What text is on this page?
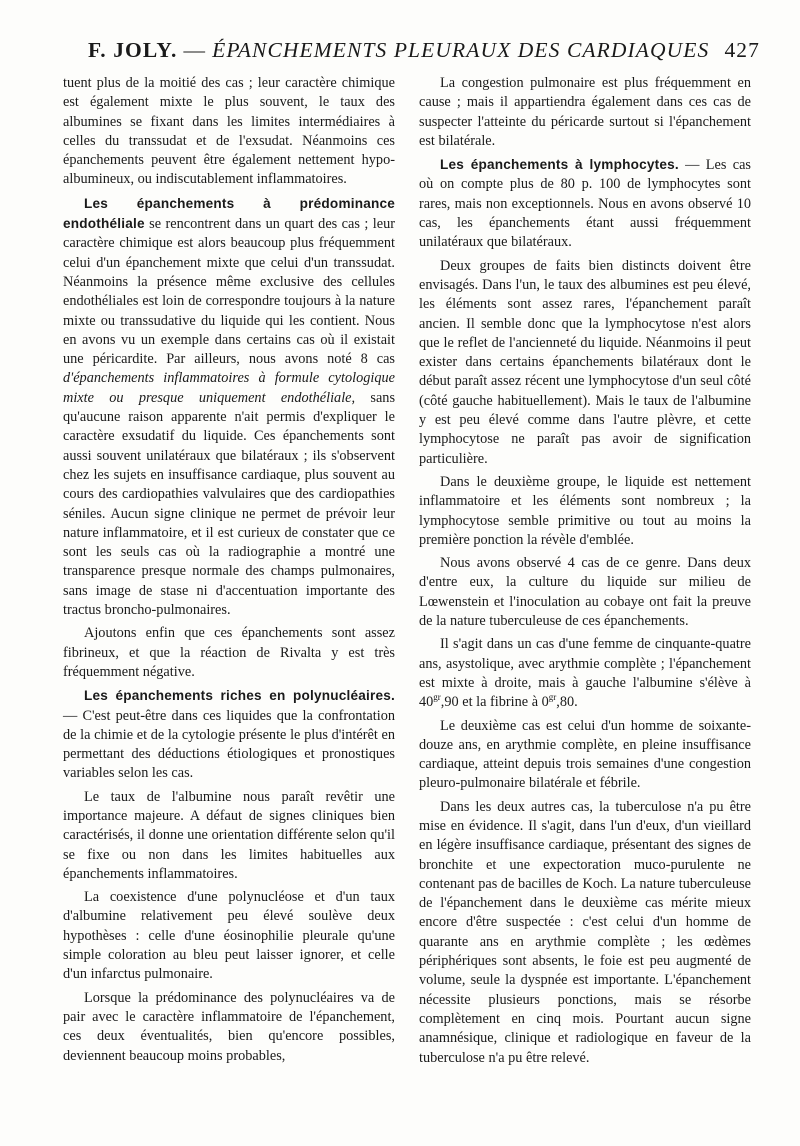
F. JOLY. — ÉPANCHEMENTS PLEURAUX DES CARDIAQUES 427

tuent plus de la moitié des cas ; leur caractère chimique est également mixte le plus souvent, le taux des albumines se fixant dans les limites intermédiaires à celles du transsudat et de l'exsudat. Néanmoins ces épanchements peuvent être également nettement hypo-albumineux, ou indiscutablement inflammatoires.

Les épanchements à prédominance endothéliale se rencontrent dans un quart des cas ; leur caractère chimique est alors beaucoup plus fréquemment celui d'un épanchement mixte que celui d'un transsudat. Néanmoins la présence même exclusive des cellules endothéliales est loin de correspondre toujours à la nature mixte ou transsudative du liquide qui les contient. Nous en avons vu un exemple dans certains cas où il existait une péricardite. Par ailleurs, nous avons noté 8 cas d'épanchements inflammatoires à formule cytologique mixte ou presque uniquement endothéliale, sans qu'aucune raison apparente n'ait permis d'expliquer le caractère exsudatif du liquide. Ces épanchements sont aussi souvent unilatéraux que bilatéraux ; ils s'observent chez les sujets en insuffisance cardiaque, plus souvent au cours des cardiopathies valvulaires que des cardiopathies séniles. Aucun signe clinique ne permet de prévoir leur nature inflammatoire, et il est curieux de constater que ce sont les seuls cas où la radiographie a montré une transparence presque normale des champs pulmonaires, sans image de stase ni d'accentuation importante des tractus broncho-pulmonaires.

Ajoutons enfin que ces épanchements sont assez fibrineux, et que la réaction de Rivalta y est très fréquemment négative.

Les épanchements riches en polynucléaires. — C'est peut-être dans ces liquides que la confrontation de la chimie et de la cytologie présente le plus d'intérêt en permettant des déductions étiologiques et pronostiques variables selon les cas.

Le taux de l'albumine nous paraît revêtir une importance majeure. A défaut de signes cliniques bien caractérisés, il donne une orientation différente selon qu'il se fixe ou non dans les limites habituelles aux épanchements inflammatoires.

La coexistence d'une polynucléose et d'un taux d'albumine relativement peu élevé soulève deux hypothèses : celle d'une éosinophilie pleurale qu'une simple coloration au bleu peut laisser ignorer, et celle d'un infarctus pulmonaire.

Lorsque la prédominance des polynucléaires va de pair avec le caractère inflammatoire de l'épanchement, ces deux éventualités, bien qu'encore possibles, deviennent beaucoup moins probables,

La congestion pulmonaire est plus fréquemment en cause ; mais il appartiendra également dans ces cas de suspecter l'atteinte du péricarde surtout si l'épanchement est bilatérale.

Les épanchements à lymphocytes. — Les cas où on compte plus de 80 p. 100 de lymphocytes sont rares, mais non exceptionnels. Nous en avons observé 10 cas, les épanchements étant aussi fréquemment unilatéraux que bilatéraux.

Deux groupes de faits bien distincts doivent être envisagés. Dans l'un, le taux des albumines est peu élevé, les éléments sont assez rares, l'épanchement paraît ancien. Il semble donc que la lymphocytose n'est alors que le reflet de l'ancienneté du liquide. Néanmoins il peut exister dans certains épanchements bilatéraux dont le début paraît assez récent une lymphocytose d'un seul côté (côté gauche habituellement). Mais le taux de l'albumine y est peu élevé comme dans l'autre plèvre, et cette lymphocytose ne paraît pas avoir de signification particulière.

Dans le deuxième groupe, le liquide est nettement inflammatoire et les éléments sont nombreux ; la lymphocytose semble primitive ou tout au moins la première ponction la révèle d'emblée.

Nous avons observé 4 cas de ce genre. Dans deux d'entre eux, la culture du liquide sur milieu de Lœwenstein et l'inoculation au cobaye ont fait la preuve de la nature tuberculeuse de ces épanchements.

Il s'agit dans un cas d'une femme de cinquante-quatre ans, asystolique, avec arythmie complète ; l'épanchement est mixte à droite, mais à gauche l'albumine s'élève à $40^{gr},90$ et la fibrine à $0^{gr},80$.

Le deuxième cas est celui d'un homme de soixante-douze ans, en arythmie complète, en pleine insuffisance cardiaque, atteint depuis trois semaines d'une congestion pleuro-pulmonaire bilatérale et fébrile.

Dans les deux autres cas, la tuberculose n'a pu être mise en évidence. Il s'agit, dans l'un d'eux, d'un vieillard en légère insuffisance cardiaque, présentant des signes de bronchite et une expectoration muco-purulente ne contenant pas de bacilles de Koch. La nature tuberculeuse de l'épanchement dans le deuxième cas mérite mieux encore d'être suspectée : c'est celui d'un homme de quarante ans en arythmie complète ; les œdèmes périphériques sont absents, le foie est peu augmenté de volume, seule la dyspnée est importante. L'épanchement nécessite plusieurs ponctions, mais se résorbe complètement en cinq mois. Pourtant aucun signe anamnésique, clinique et radiologique en faveur de la tuberculose n'a pu être relevé.
